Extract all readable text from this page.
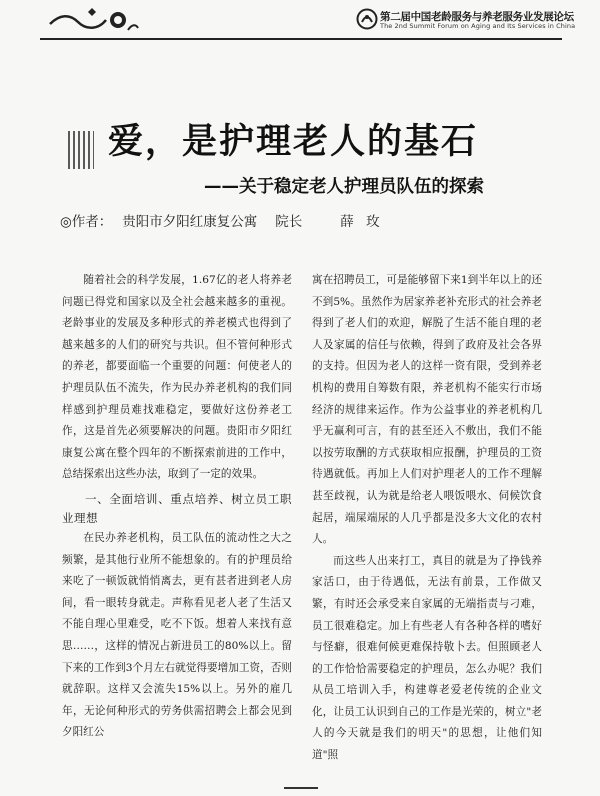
第二届中国老龄服务与养老服务业发展论坛
The 2nd Summit Forum on Aging and Its Services in China
爱，是护理老人的基石
——关于稳定老人护理员队伍的探索
◎作者： 贵阳市夕阳红康复公寓 院长	薛 玫

随着社会的科学发展，1.67亿的老人将养老问题已得党和国家以及全社会越来越多的重视。老龄事业的发展及多种形式的养老模式也得到了越来越多的人们的研究与共识。但不管何种形式的养老，都要面临一个重要的问题：何使老人的护理员队伍不流失，作为民办养老机构的我们同样感到护理员难找难稳定，要做好这份养老工作，这是首先必须要解决的问题。贵阳市夕阳红康复公寓在整个四年的不断探索前进的工作中，总结探索出这些办法，取到了一定的效果。

一、全面培训、重点培养、树立员工职业理想

在民办养老机构，员工队伍的流动性之大之频繁，是其他行业所不能想象的。有的护理员给来吃了一顿饭就悄悄离去，更有甚者进到老人房间，看一眼转身就走。声称看见老人老了生活又不能自理心里难受，吃不下饭。想着人来找有意思……，这样的情况占新进员工的80%以上。留下来的工作到3个月左右就觉得要增加工资，否则就辞职。这样又会流失15%以上。另外的雇几年，无论何种形式的劳务供需招聘会上都会见到夕阳红公

寓在招聘员工，可是能够留下来1到半年以上的还不到5%。虽然作为居家养老补充形式的社会养老得到了老人们的欢迎，解脱了生活不能自理的老人及家属的信任与依赖，得到了政府及社会各界的支持。但因为老人的这样一资有限，受到养老机构的费用自筹数有限，养老机构不能实行市场经济的规律来运作。作为公益事业的养老机构几乎无赢利可言，有的甚至还入不敷出，我们不能以按劳取酬的方式获取相应报酬，护理员的工资待遇就低。再加上人们对护理老人的工作不理解甚至歧视，认为就是给老人喂饭喂水、伺候饮食起居，端屎端尿的人几乎都是没多大文化的农村人。

而这些人出来打工，真目的就是为了挣钱养家活口，由于待遇低，无法有前景，工作做又繁，有时还会承受来自家属的无端指责与刁难，员工很难稳定。加上有些老人有各种各样的嗜好与怪癖，很难何候更难保持敬卜去。但照顾老人的工作恰恰需要稳定的护理员，怎么办呢？我们从员工培训入手，构建尊老爱老传统的企业文化，让员工认识到自己的工作是光荣的，树立"老人的今天就是我们的明天"的思想，让他们知道"照
